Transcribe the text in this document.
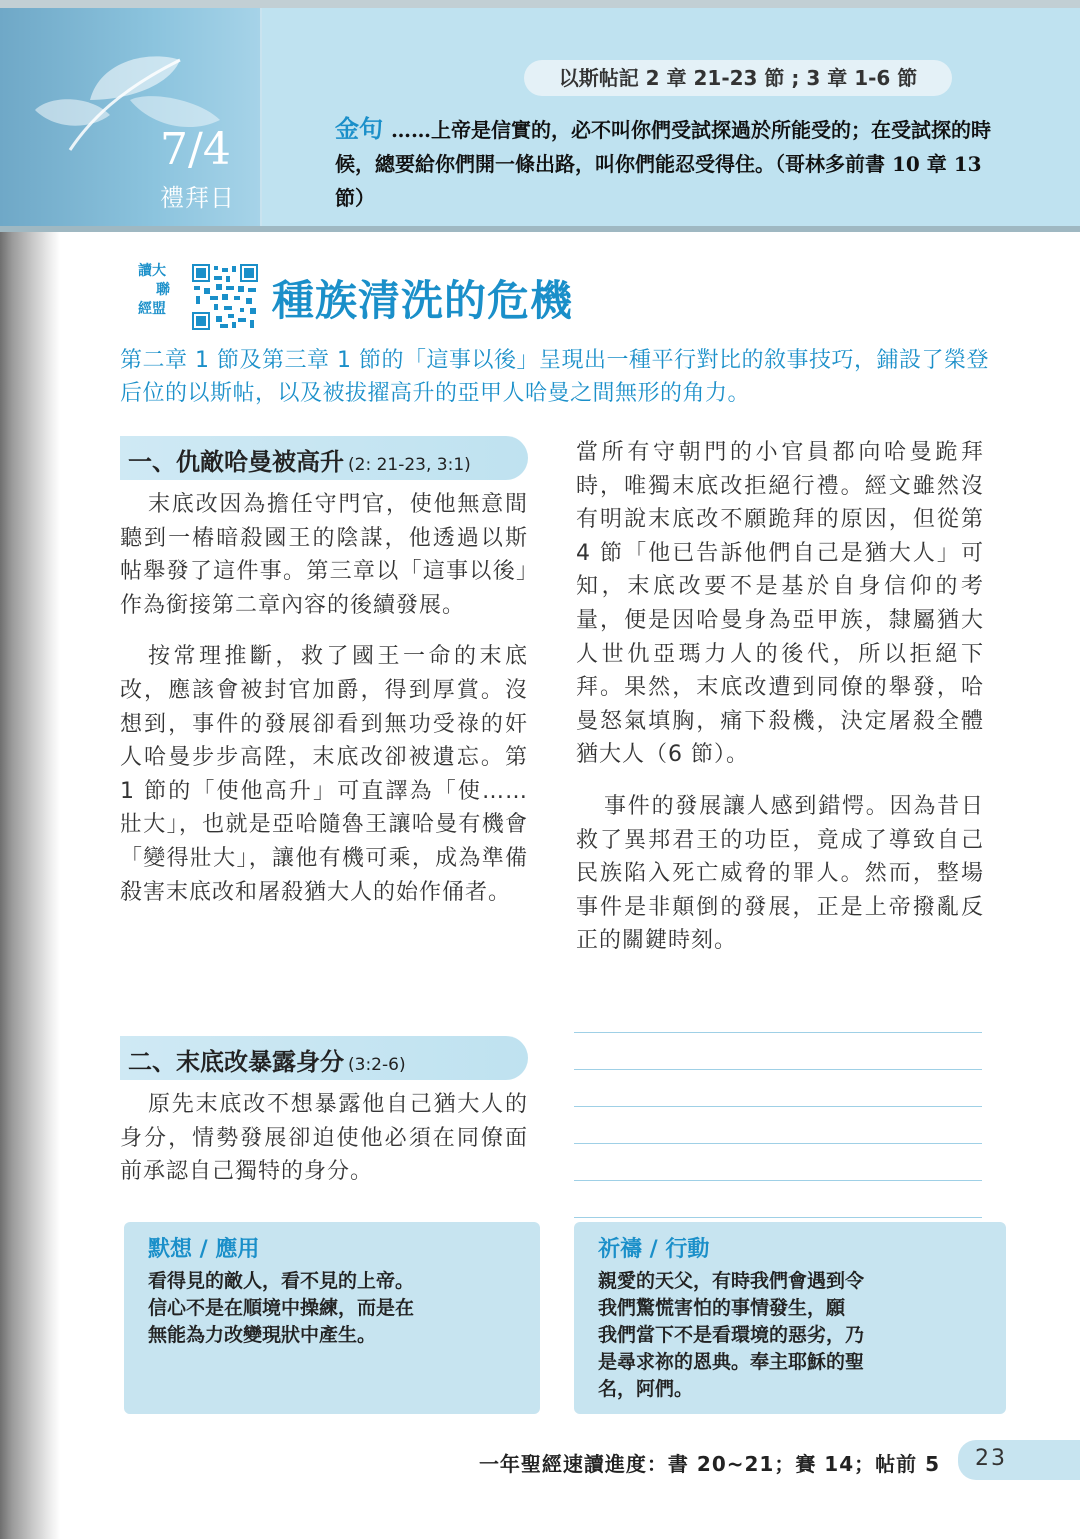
7/4
禮拜日
以斯帖記 2 章 21-23 節 ; 3 章 1-6 節
金句 ……上帝是信實的，必不叫你們受試探過於所能受的；在受試探的時候，總要給你們開一條出路，叫你們能忍受得住。（哥林多前書 10 章 13 節）
讀大
聯
經盟	種族清洗的危機
第二章 1 節及第三章 1 節的「這事以後」呈現出一種平行對比的敘事技巧，鋪設了榮登后位的以斯帖，以及被拔擢高升的亞甲人哈曼之間無形的角力。
一、仇敵哈曼被高升 (2: 21-23, 3:1)

末底改因為擔任守門官，使他無意間聽到一樁暗殺國王的陰謀，他透過以斯帖舉發了這件事。第三章以「這事以後」作為銜接第二章內容的後續發展。

按常理推斷，救了國王一命的末底改，應該會被封官加爵，得到厚賞。沒想到，事件的發展卻看到無功受祿的奸人哈曼步步高陞，末底改卻被遺忘。第 1 節的「使他高升」可直譯為「使……壯大」，也就是亞哈隨魯王讓哈曼有機會「變得壯大」，讓他有機可乘，成為準備殺害末底改和屠殺猶大人的始作俑者。

二、末底改暴露身分 (3:2-6)

原先末底改不想暴露他自己猶大人的身分，情勢發展卻迫使他必須在同僚面前承認自己獨特的身分。

當所有守朝門的小官員都向哈曼跪拜時，唯獨末底改拒絕行禮。經文雖然沒有明說末底改不願跪拜的原因，但從第 4 節「他已告訴他們自己是猶大人」可知，末底改要不是基於自身信仰的考量，便是因哈曼身為亞甲族，隸屬猶大人世仇亞瑪力人的後代，所以拒絕下拜。果然，末底改遭到同僚的舉發，哈曼怒氣填胸，痛下殺機，決定屠殺全體猶大人（6 節）。

事件的發展讓人感到錯愕。因為昔日救了異邦君王的功臣，竟成了導致自己民族陷入死亡威脅的罪人。然而，整場事件是非顛倒的發展，正是上帝撥亂反正的關鍵時刻。

默想 / 應用
看得見的敵人，看不見的上帝。
信心不是在順境中操練，而是在
無能為力改變現狀中產生。
祈禱 / 行動
親愛的天父，有時我們會遇到令
我們驚慌害怕的事情發生，願
我們當下不是看環境的惡劣，乃
是尋求祢的恩典。奉主耶穌的聖
名，阿們。
一年聖經速讀進度：書 20~21；賽 14；帖前 5 23
